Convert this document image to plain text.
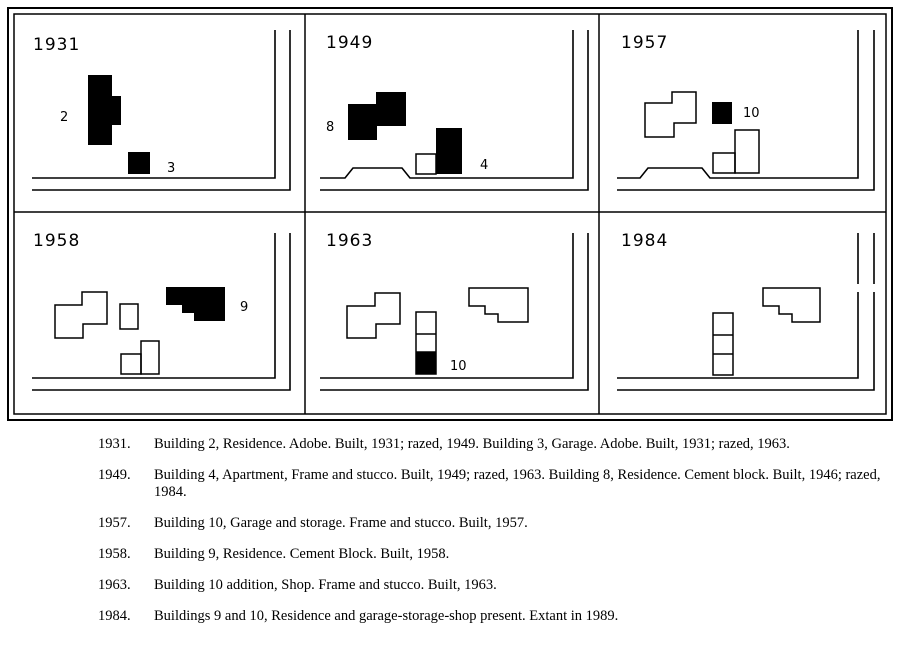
1931
2
3
1949
8
4
1957
10
1958
9
1963
10
1984
1931.	Building 2, Residence. Adobe. Built, 1931; razed, 1949. Building 3, Garage. Adobe. Built, 1931; razed, 1963.
1949.	Building 4, Apartment, Frame and stucco. Built, 1949; razed, 1963. Building 8, Residence. Cement block. Built, 1946; razed, 1984.
1957.	Building 10, Garage and storage. Frame and stucco. Built, 1957.
1958.	Building 9, Residence. Cement Block. Built, 1958.
1963.	Building 10 addition, Shop. Frame and stucco. Built, 1963.
1984.	Buildings 9 and 10, Residence and garage-storage-shop present. Extant in 1989.
